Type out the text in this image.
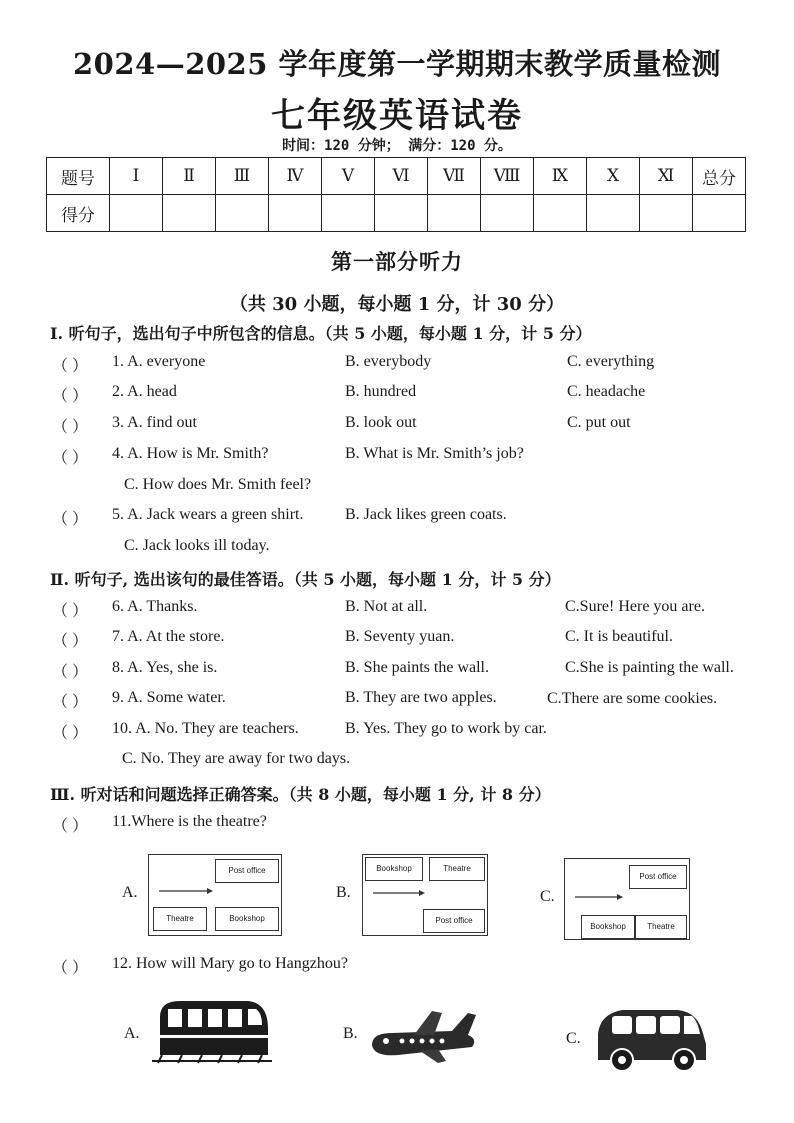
2024—2025 学年度第一学期期末教学质量检测
七年级英语试卷
时间：120 分钟； 满分：120 分。
题号	Ⅰ	Ⅱ	Ⅲ	Ⅳ	Ⅴ	Ⅵ	Ⅶ	Ⅷ	Ⅸ	Ⅹ	Ⅺ	总分
得分												
第一部分听力
（共 30 小题，每小题 1 分，计 30 分）
Ⅰ. 听句子，选出句子中所包含的信息。（共 5 小题，每小题 1 分，计 5 分）
（ ） 1. A. everyone	B. everybody	C. everything
（ ） 2. A. head	B. hundred	C. headache
（ ） 3. A. find out	B. look out	C. put out
（ ） 4. A. How is Mr. Smith?	B. What is Mr. Smith’s job?
C. How does Mr. Smith feel?
（ ） 5. A. Jack wears a green shirt.	B. Jack likes green coats.
C. Jack looks ill today.
Ⅱ. 听句子, 选出该句的最佳答语。（共 5 小题，每小题 1 分，计 5 分）
（ ） 6. A. Thanks.	B. Not at all.	C.Sure! Here you are.
（ ） 7. A. At the store.	B. Seventy yuan.	C. It is beautiful.
（ ） 8. A. Yes, she is.	B. She paints the wall.	C.She is painting the wall.
（ ） 9. A. Some water.	B. They are two apples.	C.There are some cookies.
（ ） 10. A. No. They are teachers.	B. Yes. They go to work by car.
C. No. They are away for two days.
Ⅲ. 听对话和问题选择正确答案。（共 8 小题，每小题 1 分, 计 8 分）
（ ） 11.Where is the theatre?
A.
Post office
Theatre	Bookshop
B.
Bookshop	Theatre
Post office
C.
Post office
Bookshop	Theatre
（ ） 12. How will Mary go to Hangzhou?
A.	B.	C.
